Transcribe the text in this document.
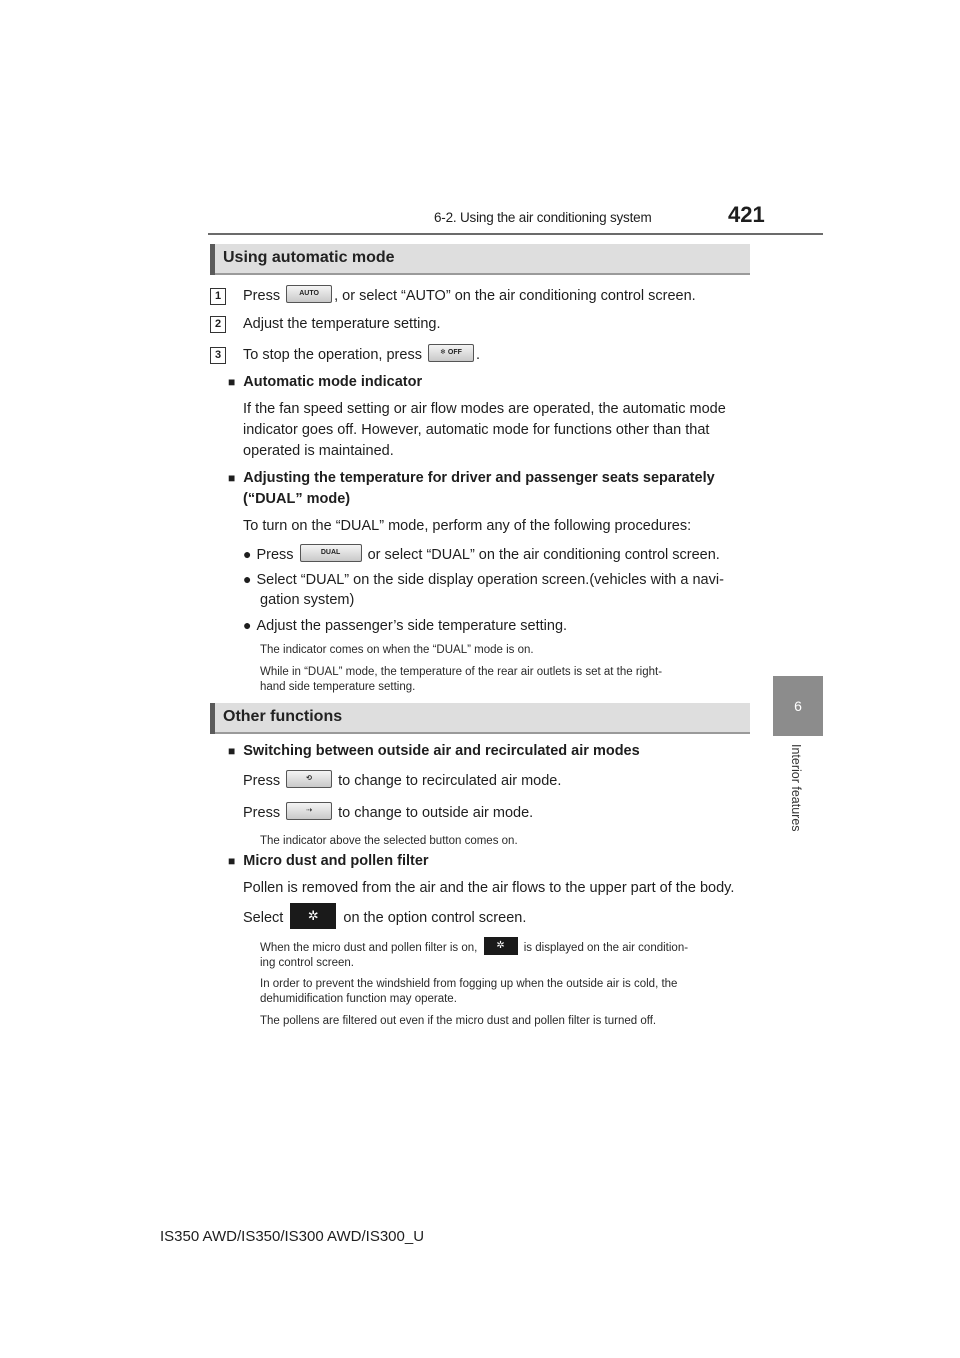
6-2. Using the air conditioning system	421
6
Interior features
Using automatic mode
1	Press	AUTO , or select “AUTO” on the air conditioning control screen.
2	Adjust the temperature setting.
3	To stop the operation, press	❄ OFF .
■ Automatic mode indicator
If the fan speed setting or air flow modes are operated, the automatic mode
indicator goes off. However, automatic mode for functions other than that
operated is maintained.
■ Adjusting the temperature for driver and passenger seats separately
(“DUAL” mode)
To turn on the “DUAL” mode, perform any of the following procedures:
● Press	DUAL or select “DUAL” on the air conditioning control screen.
● Select “DUAL” on the side display operation screen.(vehicles with a navi-
gation system)
● Adjust the passenger’s side temperature setting.
The indicator comes on when the “DUAL” mode is on.
While in “DUAL” mode, the temperature of the rear air outlets is set at the right-
hand side temperature setting.
Other functions
■ Switching between outside air and recirculated air modes
Press	⟲ to change to recirculated air mode.
Press	⇢ to change to outside air mode.
The indicator above the selected button comes on.
■ Micro dust and pollen filter
Pollen is removed from the air and the air flows to the upper part of the body.
Select ✲ on the option control screen.
When the micro dust and pollen filter is on, ✲ is displayed on the air condition-
ing control screen.
In order to prevent the windshield from fogging up when the outside air is cold, the
dehumidification function may operate.
The pollens are filtered out even if the micro dust and pollen filter is turned off.
IS350 AWD/IS350/IS300 AWD/IS300_U
